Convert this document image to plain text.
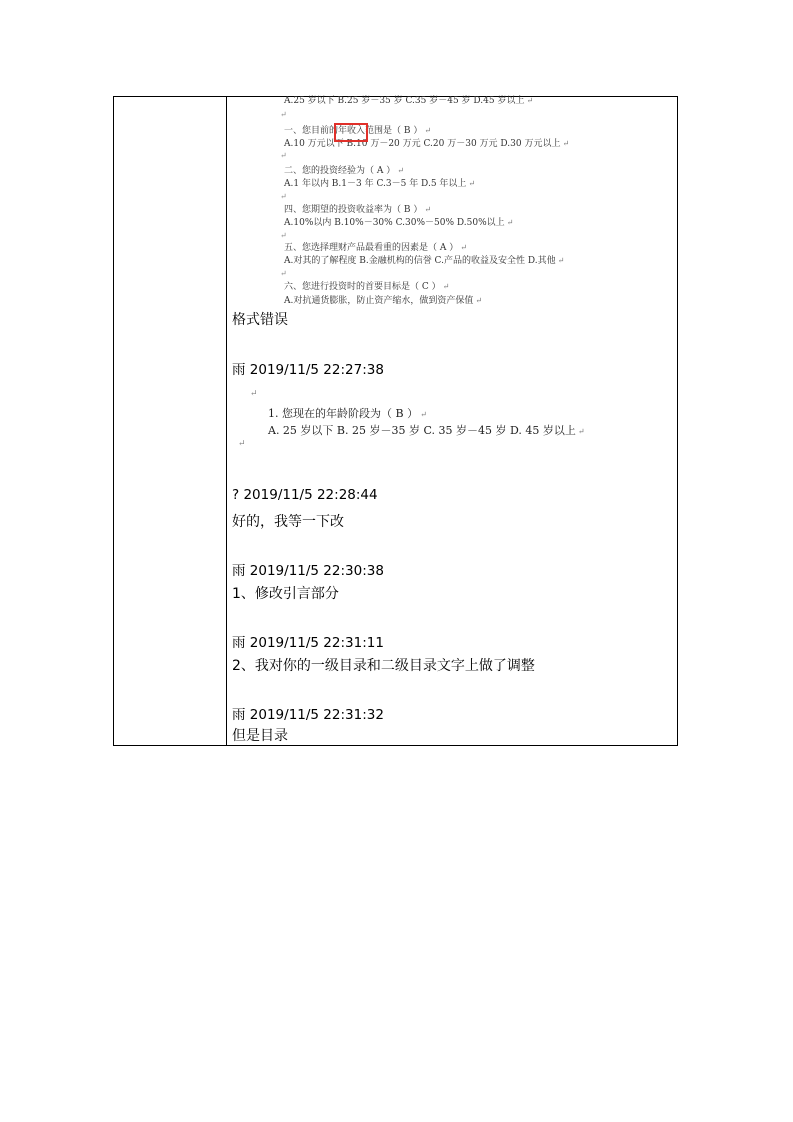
A.25 岁以下 B.25 岁－35 岁 C.35 岁－45 岁 D.45 岁以上 ↵
↵
一、您目前的年收入范围是（ B ） ↵
A.10 万元以下 B.10 万－20 万元 C.20 万－30 万元 D.30 万元以上 ↵
↵
二、您的投资经验为（ A ） ↵
A.1 年以内 B.1－3 年 C.3－5 年 D.5 年以上 ↵
↵
四、您期望的投资收益率为（ B ） ↵
A.10%以内 B.10%－30% C.30%－50% D.50%以上 ↵
↵
五、您选择理财产品最看重的因素是（ A ） ↵
A.对其的了解程度 B.金融机构的信誉 C.产品的收益及安全性 D.其他 ↵
↵
六、您进行投资时的首要目标是（ C ） ↵
A.对抗通货膨胀，防止资产缩水，做到资产保值 ↵
格式错误
雨 2019/11/5 22:27:38
↵
1. 您现在的年龄阶段为（ B ） ↵
A. 25 岁以下 B. 25 岁－35 岁 C. 35 岁－45 岁 D. 45 岁以上 ↵
↵
? 2019/11/5 22:28:44
好的，我等一下改
雨 2019/11/5 22:30:38
1、修改引言部分
雨 2019/11/5 22:31:11
2、我对你的一级目录和二级目录文字上做了调整
雨 2019/11/5 22:31:32
但是目录
